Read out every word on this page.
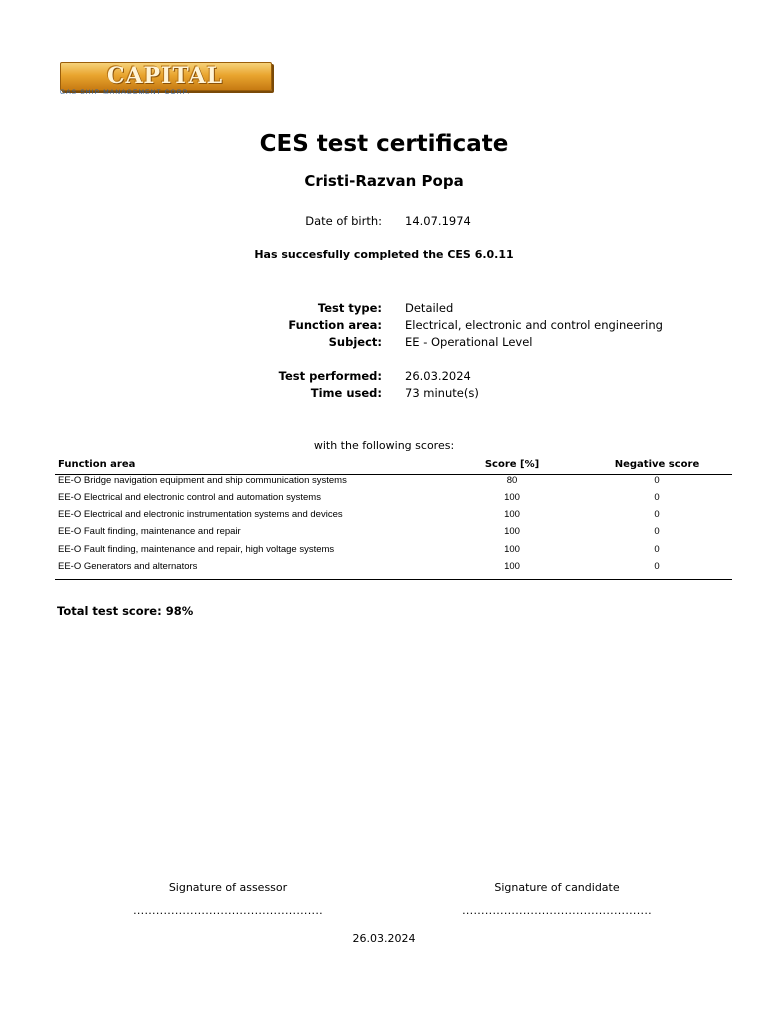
CAPITAL
GAS SHIP MANAGEMENT CORP.
CES test certificate
Cristi-Razvan Popa
Date of birth: 14.07.1974
Has succesfully completed the CES 6.0.11
Test type: Detailed
Function area: Electrical, electronic and control engineering
Subject: EE - Operational Level
Test performed: 26.03.2024
Time used: 73 minute(s)
with the following scores:
Function area	Score [%]	Negative score
EE-O Bridge navigation equipment and ship communication systems	80	0
EE-O Electrical and electronic control and automation systems	100	0
EE-O Electrical and electronic instrumentation systems and devices	100	0
EE-O Fault finding, maintenance and repair	100	0
EE-O Fault finding, maintenance and repair, high voltage systems	100	0
EE-O Generators and alternators	100	0
Total test score: 98%
Signature of assessor	Signature of candidate
..................................................	..................................................
26.03.2024
